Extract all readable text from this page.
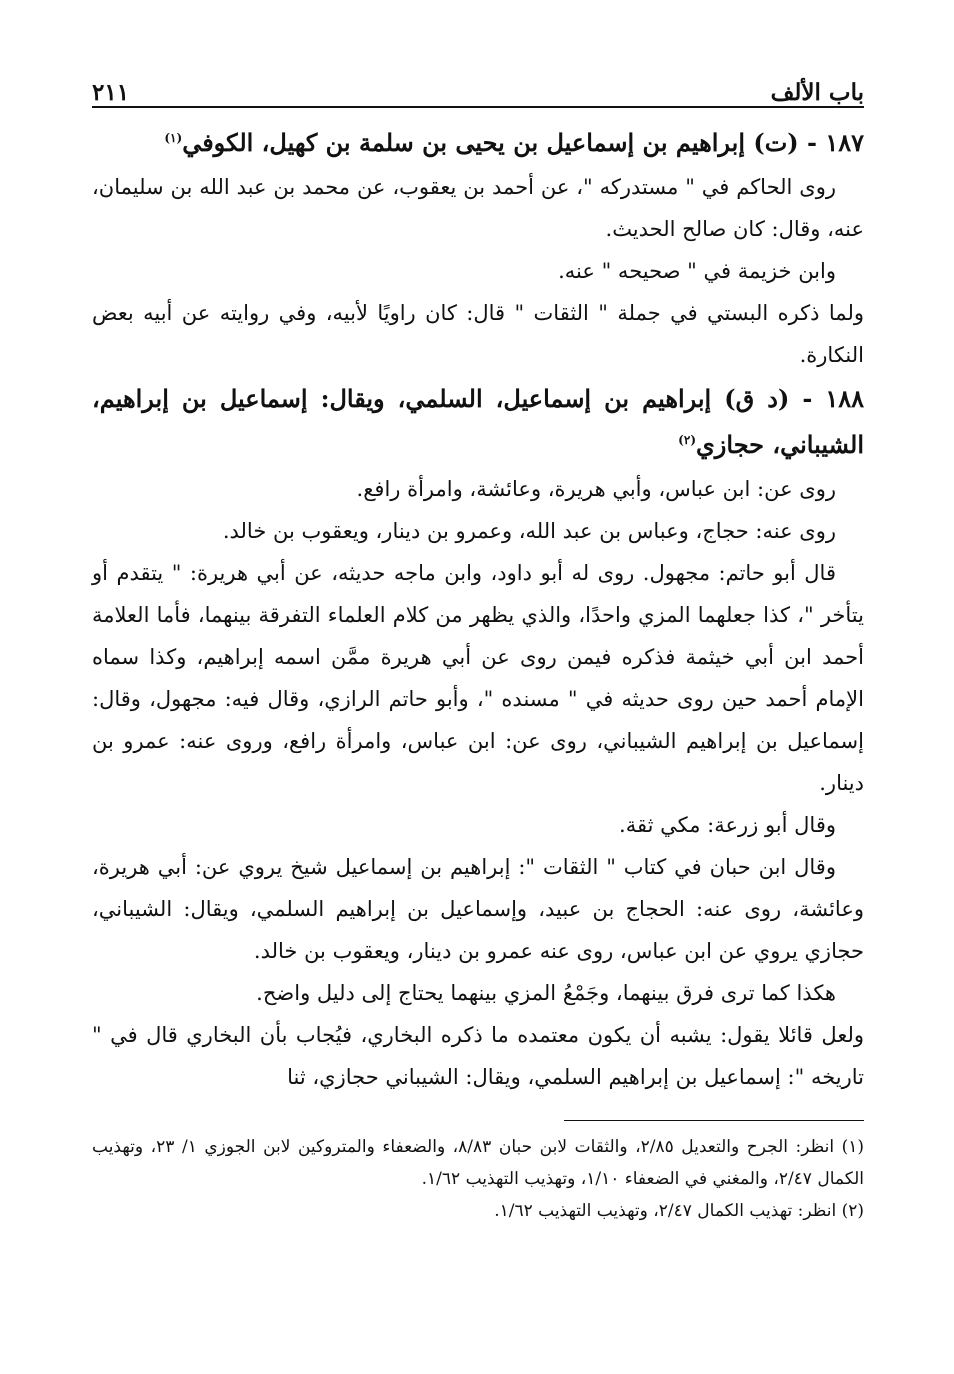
باب الألف
٢١١

١٨٧ - (ت) إبراهيم بن إسماعيل بن يحيى بن سلمة بن كهيل، الكوفي$^{(١)}$

روى الحاكم في " مستدركه "، عن أحمد بن يعقوب، عن محمد بن عبد الله بن سليمان، عنه، وقال: كان صالح الحديث.

وابن خزيمة في " صحيحه " عنه.

ولما ذكره البستي في جملة " الثقات " قال: كان راويًا لأبيه، وفي روايته عن أبيه بعض النكارة.

١٨٨ - (د ق) إبراهيم بن إسماعيل، السلمي، ويقال: إسماعيل بن إبراهيم، الشيباني، حجازي$^{(٢)}$

روى عن: ابن عباس، وأبي هريرة، وعائشة، وامرأة رافع.

روى عنه: حجاج، وعباس بن عبد الله، وعمرو بن دينار، ويعقوب بن خالد.

قال أبو حاتم: مجهول. روى له أبو داود، وابن ماجه حديثه، عن أبي هريرة: " يتقدم أو يتأخر "، كذا جعلهما المزي واحدًا، والذي يظهر من كلام العلماء التفرقة بينهما، فأما العلامة أحمد ابن أبي خيثمة فذكره فيمن روى عن أبي هريرة ممَّن اسمه إبراهيم، وكذا سماه الإمام أحمد حين روى حديثه في " مسنده "، وأبو حاتم الرازي، وقال فيه: مجهول، وقال: إسماعيل بن إبراهيم الشيباني، روى عن: ابن عباس، وامرأة رافع، وروى عنه: عمرو بن دينار.

وقال أبو زرعة: مكي ثقة.

وقال ابن حبان في كتاب " الثقات ": إبراهيم بن إسماعيل شيخ يروي عن: أبي هريرة، وعائشة، روى عنه: الحجاج بن عبيد، وإسماعيل بن إبراهيم السلمي، ويقال: الشيباني، حجازي يروي عن ابن عباس، روى عنه عمرو بن دينار، ويعقوب بن خالد.

هكذا كما ترى فرق بينهما، وجَمْعُ المزي بينهما يحتاج إلى دليل واضح.

ولعل قائلا يقول: يشبه أن يكون معتمده ما ذكره البخاري، فيُجاب بأن البخاري قال في " تاريخه ": إسماعيل بن إبراهيم السلمي، ويقال: الشيباني حجازي، ثنا

(١) انظر: الجرح والتعديل ٢/٨٥، والثقات لابن حبان ٨/٨٣، والضعفاء والمتروكين لابن الجوزي ١/ ٢٣، وتهذيب الكمال ٢/٤٧، والمغني في الضعفاء ١/١٠، وتهذيب التهذيب ١/٦٢.

(٢) انظر: تهذيب الكمال ٢/٤٧، وتهذيب التهذيب ١/٦٢.
